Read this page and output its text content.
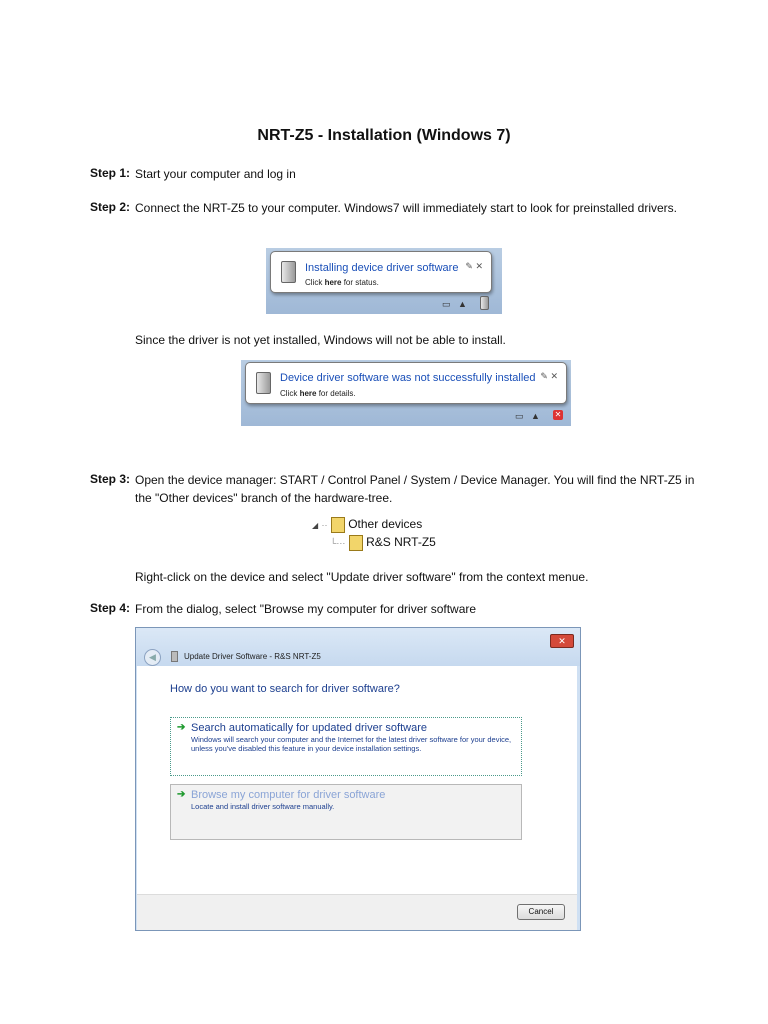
NRT-Z5 - Installation (Windows 7)
Step 1: Start your computer and log in
Step 2: Connect the NRT-Z5 to your computer. Windows7 will immediately start to look for preinstalled drivers.
Installing device driver software
Click here for status.
✎ ✕
▭   ▲
Since the driver is not yet installed, Windows will not be able to install.
Device driver software was not successfully installed
Click here for details.
✎ ✕
▭   ▲ ✕
Step 3: Open the device manager: START / Control Panel / System / Device Manager. You will find the NRT-Z5 in the "Other devices" branch of the hardware-tree.
◢ ·· Other devices
└··· R&S NRT-Z5
Right-click on the device and select "Update driver software" from the context menue.
Step 4: From the dialog, select "Browse my computer for driver software
✕
◀	Update Driver Software - R&S NRT-Z5
How do you want to search for driver software?
➔ Search automatically for updated driver software
Windows will search your computer and the Internet for the latest driver software for your device, unless you've disabled this feature in your device installation settings.
➔ Browse my computer for driver software
Locate and install driver software manually.
Cancel
